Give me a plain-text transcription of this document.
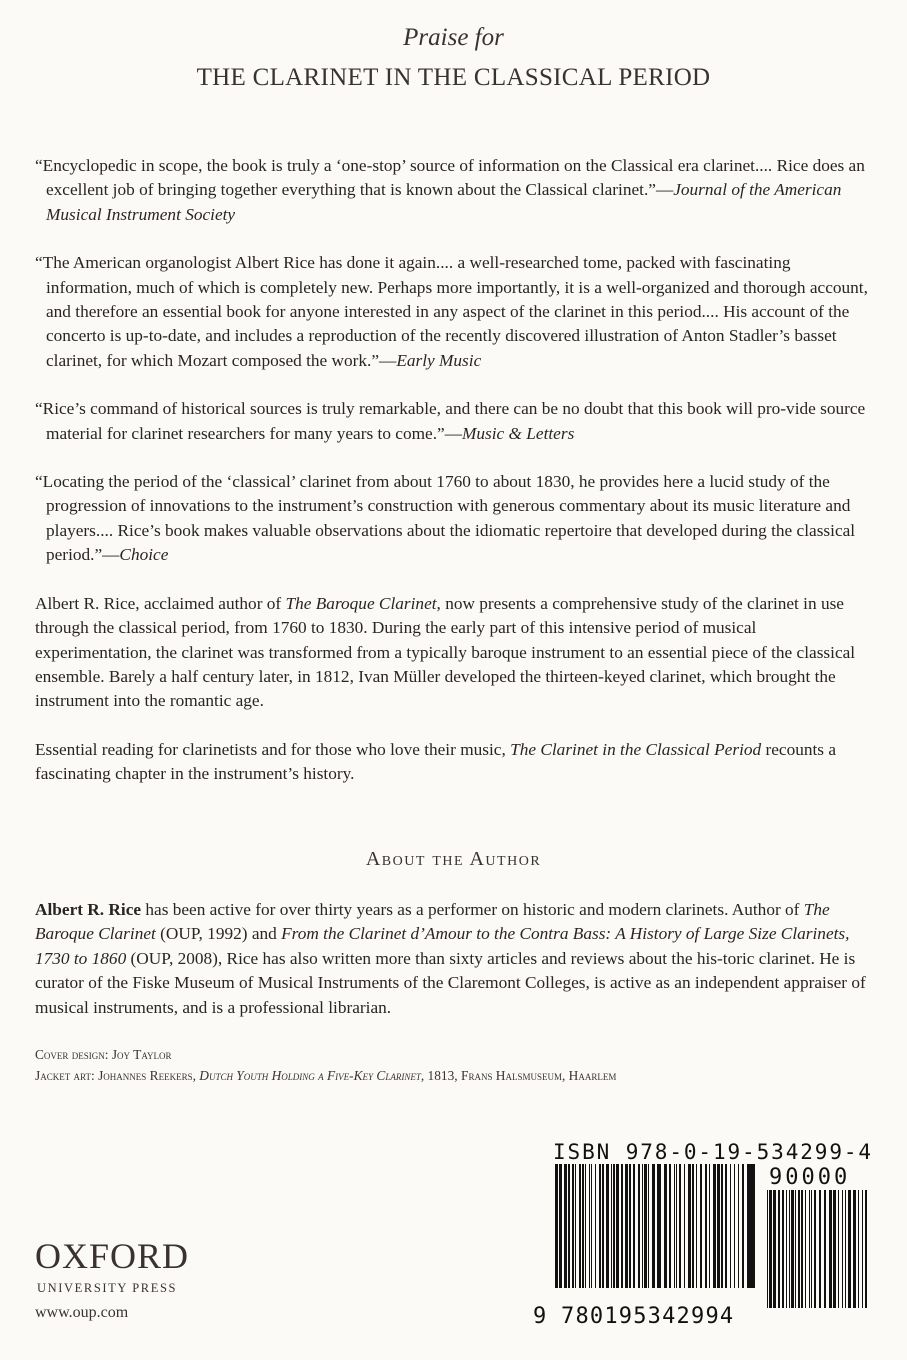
Praise for
THE CLARINET IN THE CLASSICAL PERIOD

“Encyclopedic in scope, the book is truly a ‘one-stop’ source of information on the Classical era clarinet.... Rice does an excellent job of bringing together everything that is known about the Classical clarinet.”—Journal of the American Musical Instrument Society

“The American organologist Albert Rice has done it again.... a well-researched tome, packed with fascinating information, much of which is completely new. Perhaps more importantly, it is a well-organized and thorough account, and therefore an essential book for anyone interested in any aspect of the clarinet in this period.... His account of the concerto is up-to-date, and includes a reproduction of the recently discovered illustration of Anton Stadler’s basset clarinet, for which Mozart composed the work.”—Early Music

“Rice’s command of historical sources is truly remarkable, and there can be no doubt that this book will pro-vide source material for clarinet researchers for many years to come.”—Music & Letters

“Locating the period of the ‘classical’ clarinet from about 1760 to about 1830, he provides here a lucid study of the progression of innovations to the instrument’s construction with generous commentary about its music literature and players.... Rice’s book makes valuable observations about the idiomatic repertoire that developed during the classical period.”—Choice

Albert R. Rice, acclaimed author of The Baroque Clarinet, now presents a comprehensive study of the clarinet in use through the classical period, from 1760 to 1830. During the early part of this intensive period of musical experimentation, the clarinet was transformed from a typically baroque instrument to an essential piece of the classical ensemble. Barely a half century later, in 1812, Ivan Müller developed the thirteen-keyed clarinet, which brought the instrument into the romantic age.

Essential reading for clarinetists and for those who love their music, The Clarinet in the Classical Period recounts a fascinating chapter in the instrument’s history.

About the Author
Albert R. Rice has been active for over thirty years as a performer on historic and modern clarinets. Author of The Baroque Clarinet (OUP, 1992) and From the Clarinet d’Amour to the Contra Bass: A History of Large Size Clarinets, 1730 to 1860 (OUP, 2008), Rice has also written more than sixty articles and reviews about the his-toric clarinet. He is curator of the Fiske Museum of Musical Instruments of the Claremont Colleges, is active as an independent appraiser of musical instruments, and is a professional librarian.
Cover design: Joy Taylor
Jacket art: Johannes Reekers, Dutch Youth Holding a Five-Key Clarinet, 1813, Frans Halsmuseum, Haarlem
OXFORD
UNIVERSITY PRESS
www.oup.com
ISBN 978-0-19-534299-4
90000
9 780195342994
